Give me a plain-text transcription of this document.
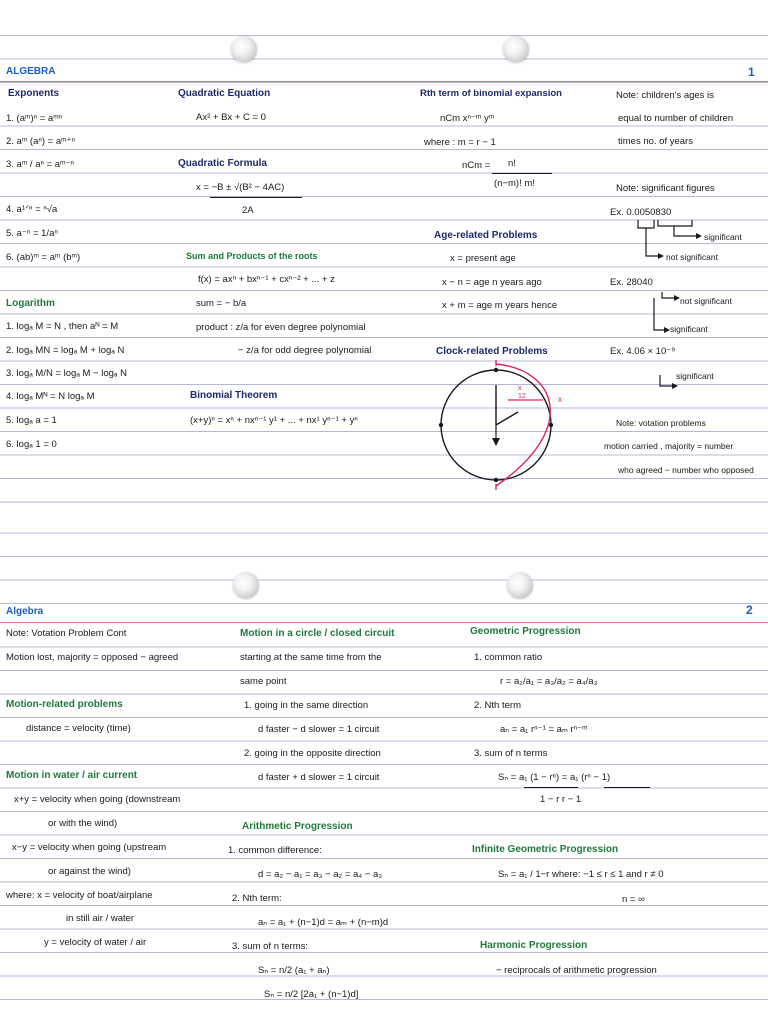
ALGEBRA	1
Exponents
1. (aᵐ)ⁿ = aᵐⁿ
2. aᵐ (aⁿ) = aᵐ⁺ⁿ
3. aᵐ / aⁿ = aᵐ⁻ⁿ
4. a¹ᐟⁿ = ⁿ√a
5. a⁻ⁿ = 1/aⁿ
6. (ab)ᵐ = aᵐ (bᵐ)
Logarithm
1. logₐ M = N , then aᴺ = M
2. logₐ MN = logₐ M + logₐ N
3. logₐ M/N = logₐ M − logₐ N
4. logₐ Mᴺ = N logₐ M
5. logₐ a = 1
6. logₐ 1 = 0
Quadratic Equation
Ax² + Bx + C = 0
Quadratic Formula
x = −B ± √(B² − 4AC)
2A
Sum and Products of the roots
f(x) = axⁿ + bxⁿ⁻¹ + cxⁿ⁻² + ... + z
sum = − b/a
product : z/a for even degree polynomial
− z/a for odd degree polynomial
Binomial Theorem
(x+y)ⁿ = xⁿ + nxⁿ⁻¹ y¹ + ... + nx¹ yⁿ⁻¹ + yⁿ
Rth term of binomial expansion
nCm xⁿ⁻ᵐ yᵐ
where : m = r − 1
nCm = n!
(n−m)! m!
Age-related Problems
x = present age
x − n = age n years ago
x + m = age m years hence
Clock-related Problems
x
12	x
Note: children's ages is
equal to number of children
times no. of years
Note: significant figures
Ex. 0.0050830
significant
not significant
Ex. 28040
not significant
significant
Ex. 4.06 × 10⁻⁹
significant
Note: votation problems
motion carried , majority = number
who agreed − number who opposed
Algebra	2
Note: Votation Problem Cont
Motion lost, majority = opposed − agreed
Motion-related problems
distance = velocity (time)
Motion in water / air current
x+y = velocity when going (downstream
or with the wind)
x−y = velocity when going (upstream
or against the wind)
where: x = velocity of boat/airplane
in still air / water
y = velocity of water / air
Motion in a circle / closed circuit
starting at the same time from the
same point
1. going in the same direction
d faster − d slower = 1 circuit
2. going in the opposite direction
d faster + d slower = 1 circuit
Arithmetic Progression
1. common difference:
d = a₂ − a₁ = a₃ − a₂ = a₄ − a₃
2. Nth term:
aₙ = a₁ + (n−1)d = aₘ + (n−m)d
3. sum of n terms:
Sₙ = n/2 (a₁ + aₙ)
Sₙ = n/2 [2a₁ + (n−1)d]
Geometric Progression
1. common ratio
r = a₂/a₁ = a₃/a₂ = a₄/a₃
2. Nth term
aₙ = a₁ rⁿ⁻¹ = aₘ rⁿ⁻ᵐ
3. sum of n terms
Sₙ = a₁ (1 − rⁿ) = a₁ (rⁿ − 1)
1 − r r − 1
Infinite Geometric Progression
Sₙ = a₁ / 1−r where: −1 ≤ r ≤ 1 and r ≠ 0
n = ∞
Harmonic Progression
− reciprocals of arithmetic progression
